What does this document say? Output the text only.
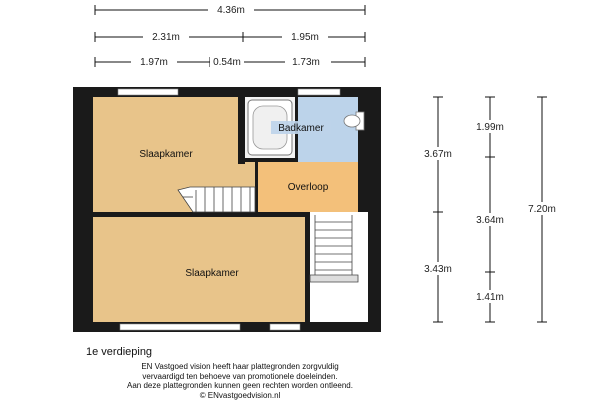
4.36m
2.31m	1.95m
1.97m	0.54m	1.73m
Slaapkamer
Badkamer
Overloop
Slaapkamer
3.67m
3.43m
1.99m
3.64m
1.41m
7.20m
1e verdieping
EN Vastgoed vision heeft haar plattegronden zorgvuldig
vervaardigd ten behoeve van promotionele doeleinden.
Aan deze plattegronden kunnen geen rechten worden ontleend.
© ENvastgoedvision.nl
